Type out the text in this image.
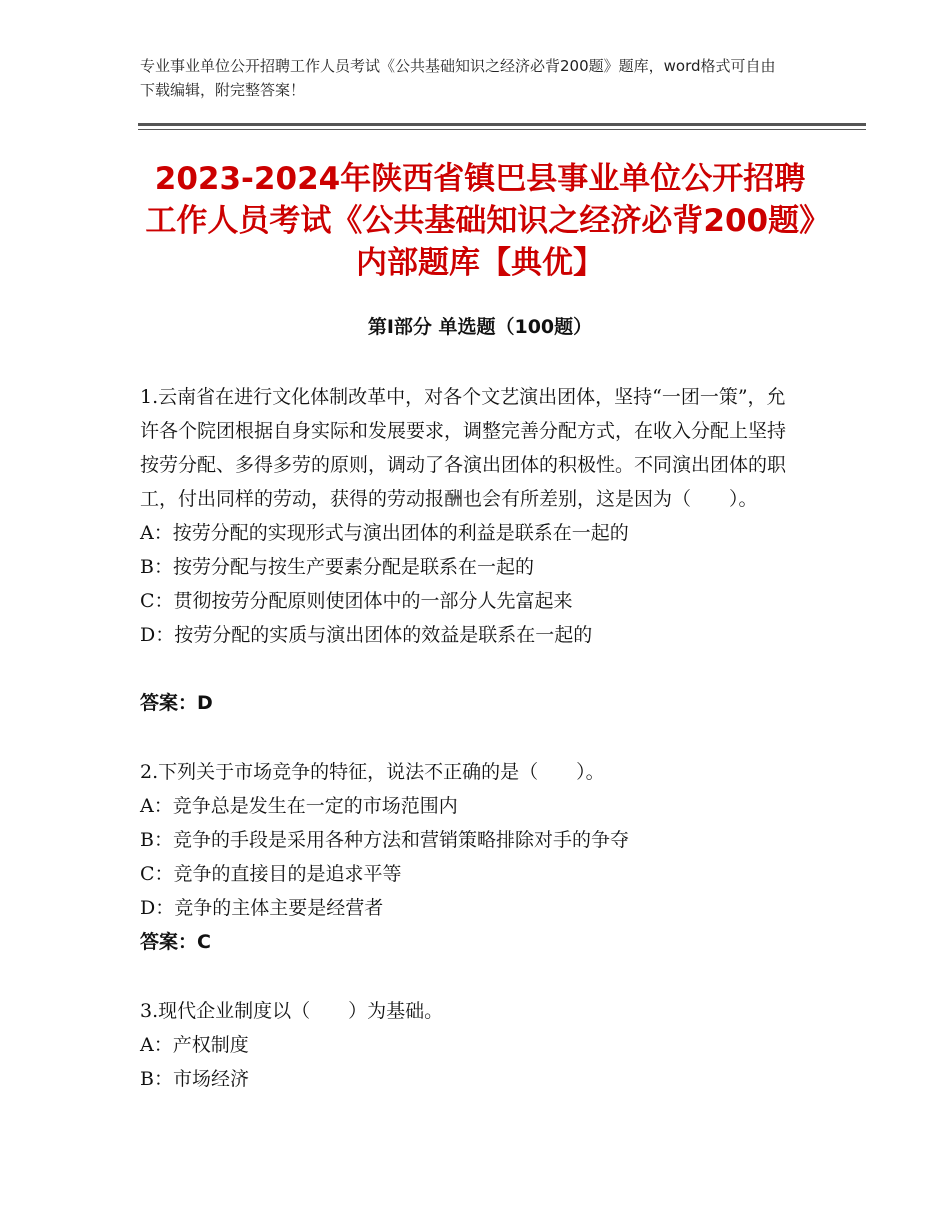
专业事业单位公开招聘工作人员考试《公共基础知识之经济必背200题》题库，word格式可自由下载编辑，附完整答案！
2023-2024年陕西省镇巴县事业单位公开招聘工作人员考试《公共基础知识之经济必背200题》内部题库【典优】
第Ⅰ部分 单选题（100题）
1.云南省在进行文化体制改革中，对各个文艺演出团体，坚持“一团一策”，允许各个院团根据自身实际和发展要求，调整完善分配方式，在收入分配上坚持按劳分配、多得多劳的原则，调动了各演出团体的积极性。不同演出团体的职工，付出同样的劳动，获得的劳动报酬也会有所差别，这是因为（　　）。
A：按劳分配的实现形式与演出团体的利益是联系在一起的
B：按劳分配与按生产要素分配是联系在一起的
C：贯彻按劳分配原则使团体中的一部分人先富起来
D：按劳分配的实质与演出团体的效益是联系在一起的
答案：D
2.下列关于市场竞争的特征，说法不正确的是（　　）。
A：竞争总是发生在一定的市场范围内
B：竞争的手段是采用各种方法和营销策略排除对手的争夺
C：竞争的直接目的是追求平等
D：竞争的主体主要是经营者
答案：C
3.现代企业制度以（　　）为基础。
A：产权制度
B：市场经济
